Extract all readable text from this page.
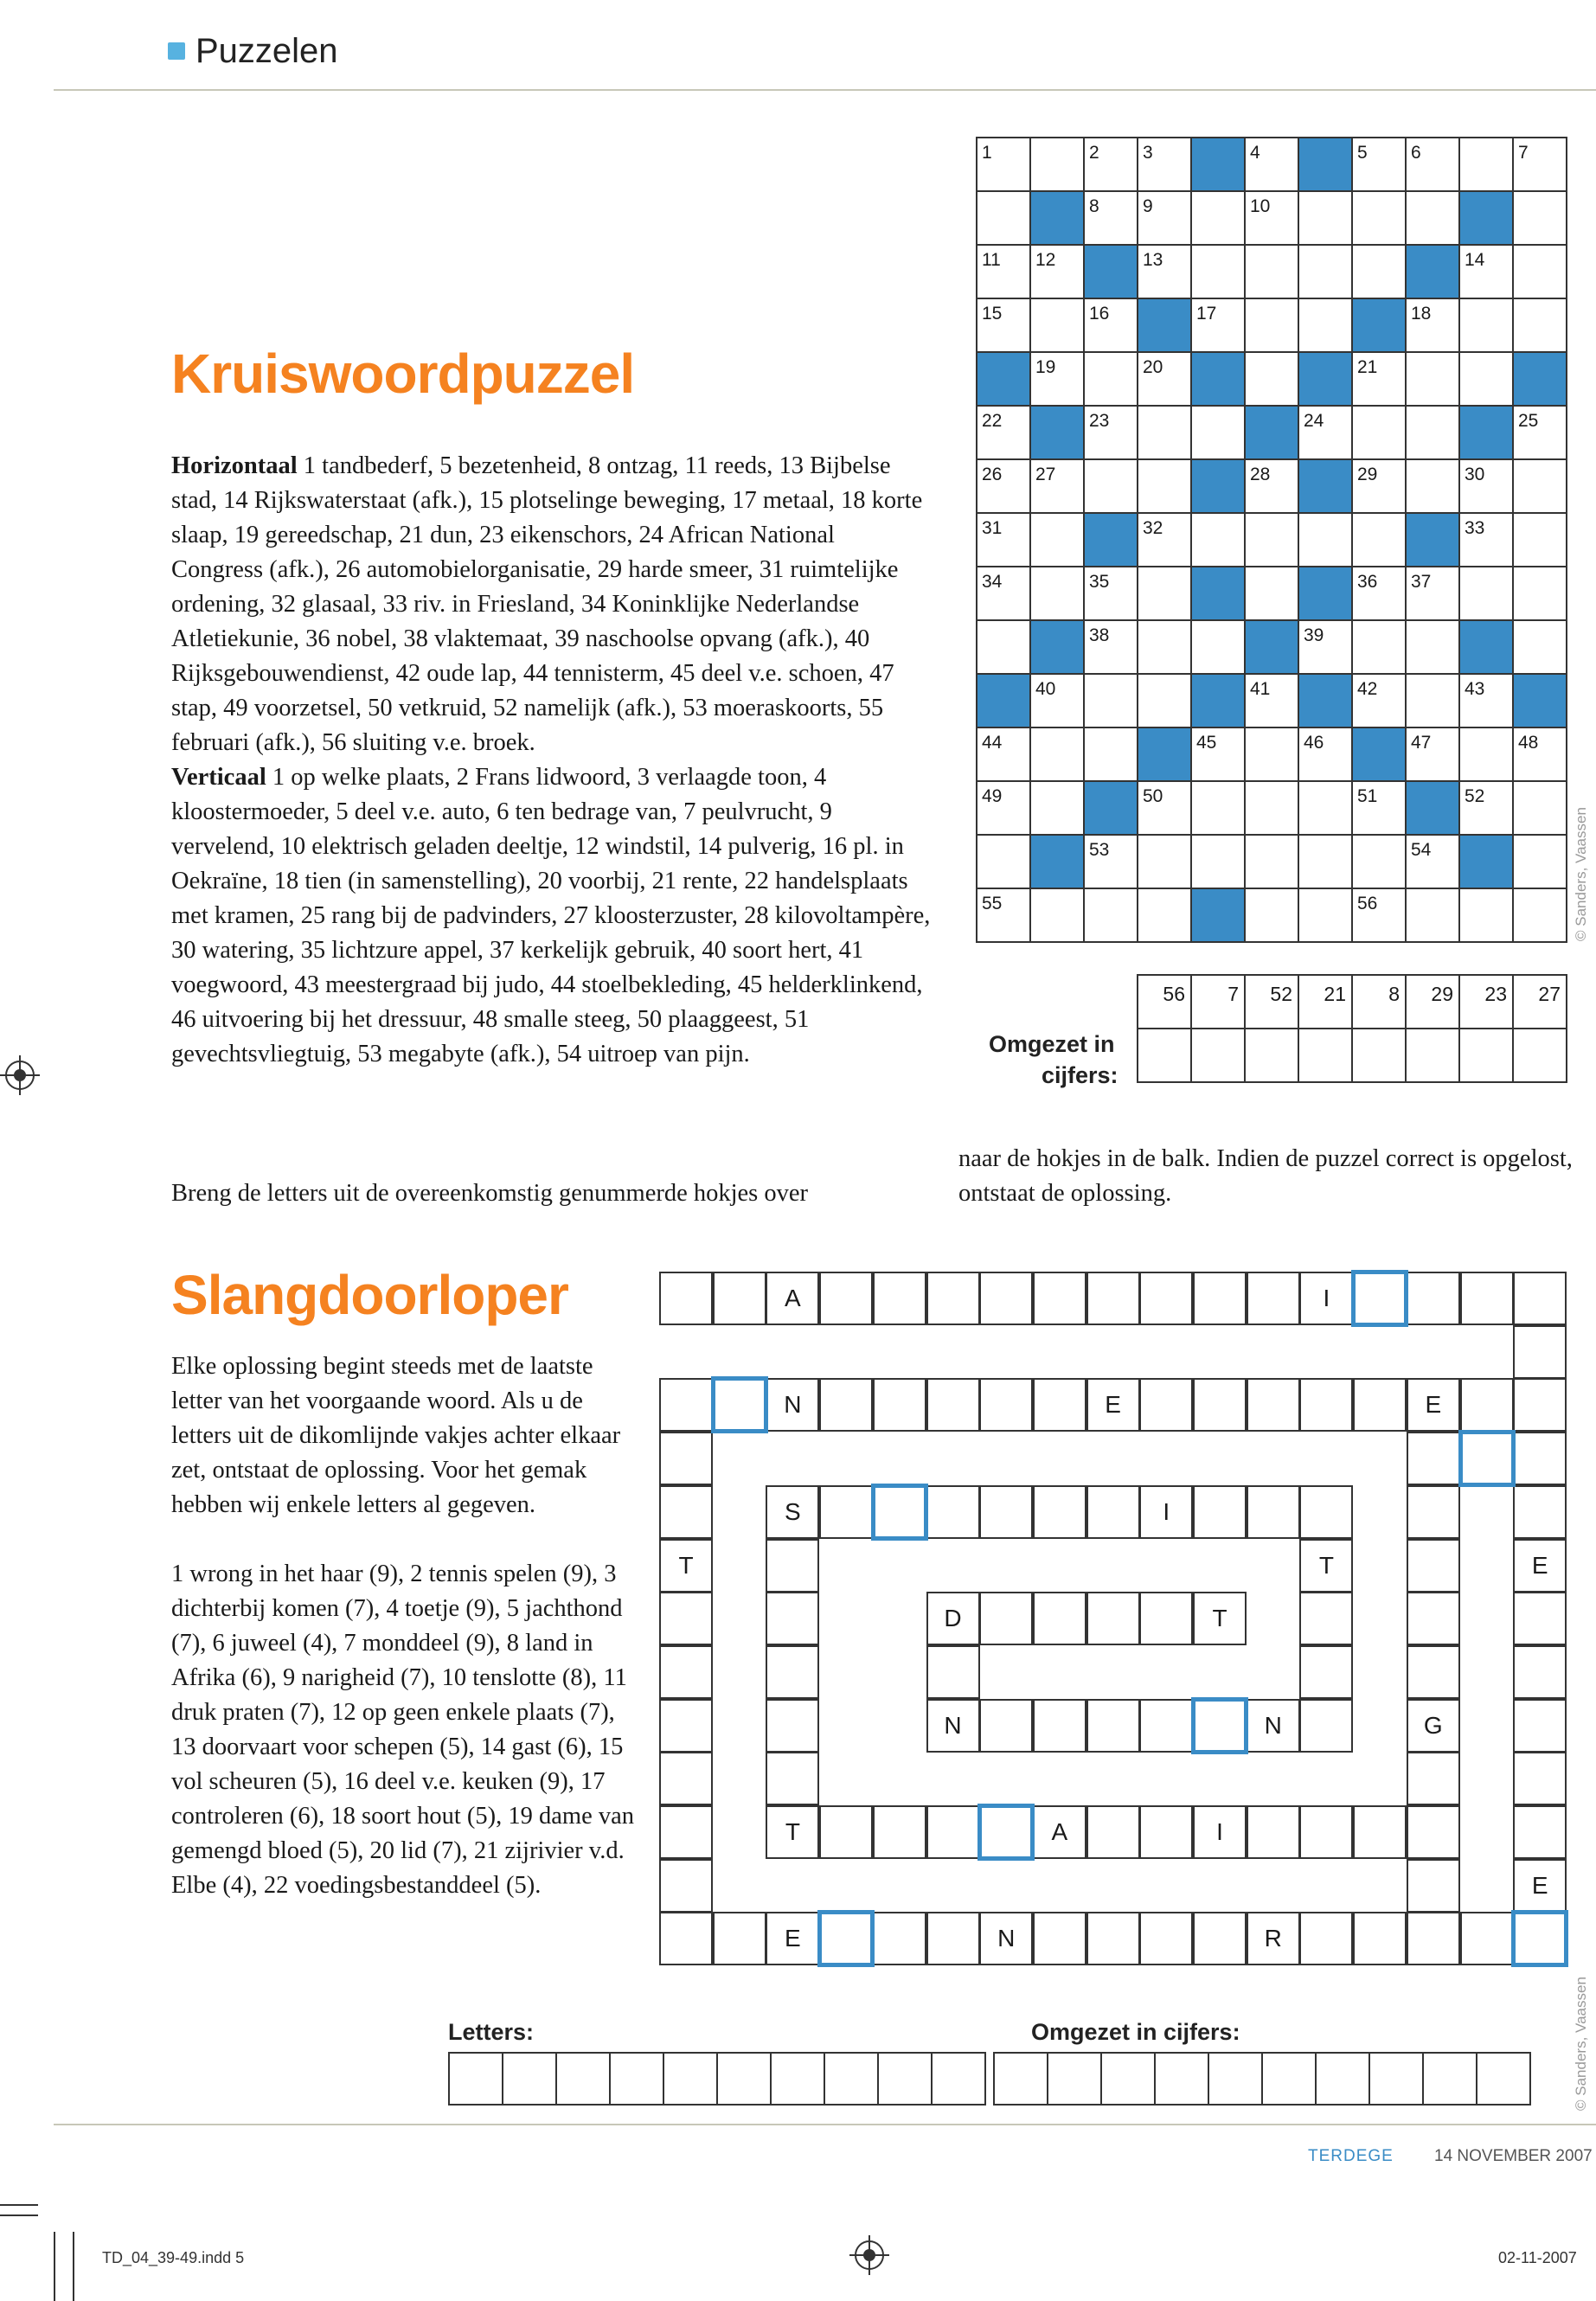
Puzzelen
Kruiswoordpuzzel

Horizontaal 1 tandbederf, 5 bezetenheid, 8 ontzag, 11 reeds, 13 Bijbelse stad, 14 Rijkswaterstaat (afk.), 15 plotselinge beweging, 17 metaal, 18 korte slaap, 19 gereedschap, 21 dun, 23 eikenschors, 24 African National Congress (afk.), 26 automobielorganisatie, 29 harde smeer, 31 ruimtelijke ordening, 32 glasaal, 33 riv. in Friesland, 34 Koninklijke Nederlandse Atletiekunie, 36 nobel, 38 vlaktemaat, 39 naschoolse opvang (afk.), 40 Rijksgebouwendienst, 42 oude lap, 44 tennisterm, 45 deel v.e. schoen, 47 stap, 49 voorzetsel, 50 vetkruid, 52 namelijk (afk.), 53 moeraskoorts, 55 februari (afk.), 56 sluiting v.e. broek.

Verticaal 1 op welke plaats, 2 Frans lidwoord, 3 verlaagde toon, 4 kloostermoeder, 5 deel v.e. auto, 6 ten bedrage van, 7 peulvrucht, 9 vervelend, 10 elektrisch geladen deeltje, 12 windstil, 14 pulverig, 16 pl. in Oekraïne, 18 tien (in samenstelling), 20 voorbij, 21 rente, 22 handelsplaats met kramen, 25 rang bij de padvinders, 27 kloosterzuster, 28 kilovoltampère, 30 watering, 35 lichtzure appel, 37 kerkelijk gebruik, 40 soort hert, 41 voegwoord, 43 meestergraad bij judo, 44 stoelbekleding, 45 helderklinkend, 46 uitvoering bij het dressuur, 48 smalle steeg, 50 plaaggeest, 51 gevechtsvliegtuig, 53 megabyte (afk.), 54 uitroep van pijn.

Breng de letters uit de overeenkomstig genummerde hokjes over
naar de hokjes in de balk. Indien de puzzel correct is opgelost, ontstaat de oplossing.
1	2 3	4	5 6	7
8 9	10
11 12	13	14
15	16	17	18
19	20	21
22	23	24	25
26 27	28	29	30
31	32	33
34	35	36 37
38	39
40	41	42	43
44	45	46	47	48
49	50	51	52
53	54
55	56
56	7	52	21	8	29	23	27
Omgezet in
cijfers:
© Sanders, Vaassen
Slangdoorloper
Elke oplossing begint steeds met de laatste letter van het voorgaande woord. Als u de letters uit de dikomlijnde vakjes achter elkaar zet, ontstaat de oplossing. Voor het gemak hebben wij enkele letters al gegeven.
1 wrong in het haar (9), 2 tennis spelen (9), 3 dichterbij komen (7), 4 toetje (9), 5 jachthond (7), 6 juweel (4), 7 monddeel (9), 8 land in Afrika (6), 9 narigheid (7), 10 tenslotte (8), 11 druk praten (7), 12 op geen enkele plaats (7), 13 doorvaart voor schepen (5), 14 gast (6), 15 vol scheuren (5), 16 deel v.e. keuken (9), 17 controleren (6), 18 soort hout (5), 19 dame van gemengd bloed (5), 20 lid (7), 21 zijrivier v.d. Elbe (4), 22 voedingsbestanddeel (5).
A	I
E
E
E	N	R
T
N	E	E
G
T	A	I
S	I
T
N	N
D	T
© Sanders, Vaassen
Letters:	Omgezet in cijfers:
TERDEGE 14 NOVEMBER 2007
TD_04_39-49.indd 5	02-11-2007
